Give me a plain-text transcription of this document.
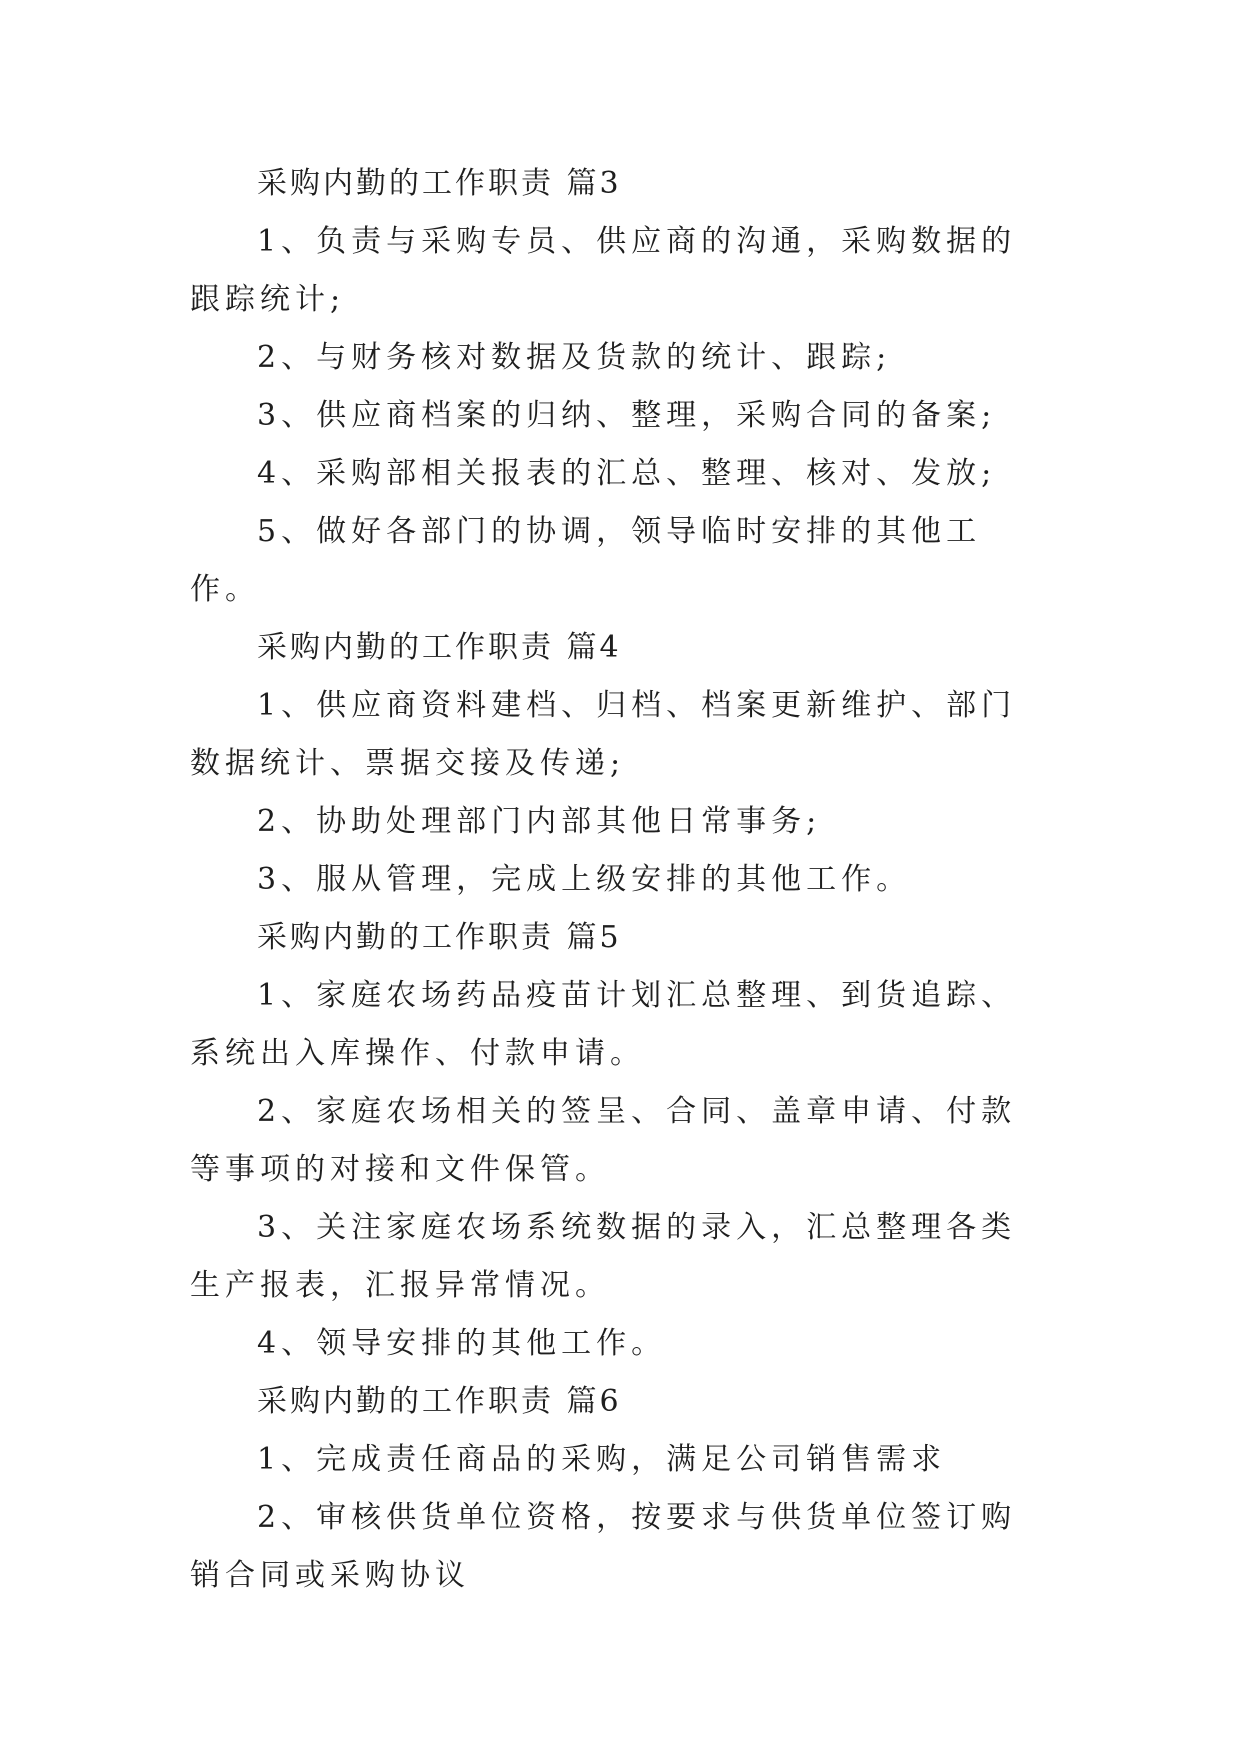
采购内勤的工作职责 篇3

1、负责与采购专员、供应商的沟通，采购数据的跟踪统计;

2、与财务核对数据及货款的统计、跟踪;

3、供应商档案的归纳、整理，采购合同的备案;

4、采购部相关报表的汇总、整理、核对、发放;

5、做好各部门的协调，领导临时安排的其他工作。

采购内勤的工作职责 篇4

1、供应商资料建档、归档、档案更新维护、部门数据统计、票据交接及传递;

2、协助处理部门内部其他日常事务;

3、服从管理，完成上级安排的其他工作。

采购内勤的工作职责 篇5

1、家庭农场药品疫苗计划汇总整理、到货追踪、系统出入库操作、付款申请。

2、家庭农场相关的签呈、合同、盖章申请、付款等事项的对接和文件保管。

3、关注家庭农场系统数据的录入，汇总整理各类生产报表，汇报异常情况。

4、领导安排的其他工作。

采购内勤的工作职责 篇6

1、完成责任商品的采购，满足公司销售需求

2、审核供货单位资格，按要求与供货单位签订购销合同或采购协议
